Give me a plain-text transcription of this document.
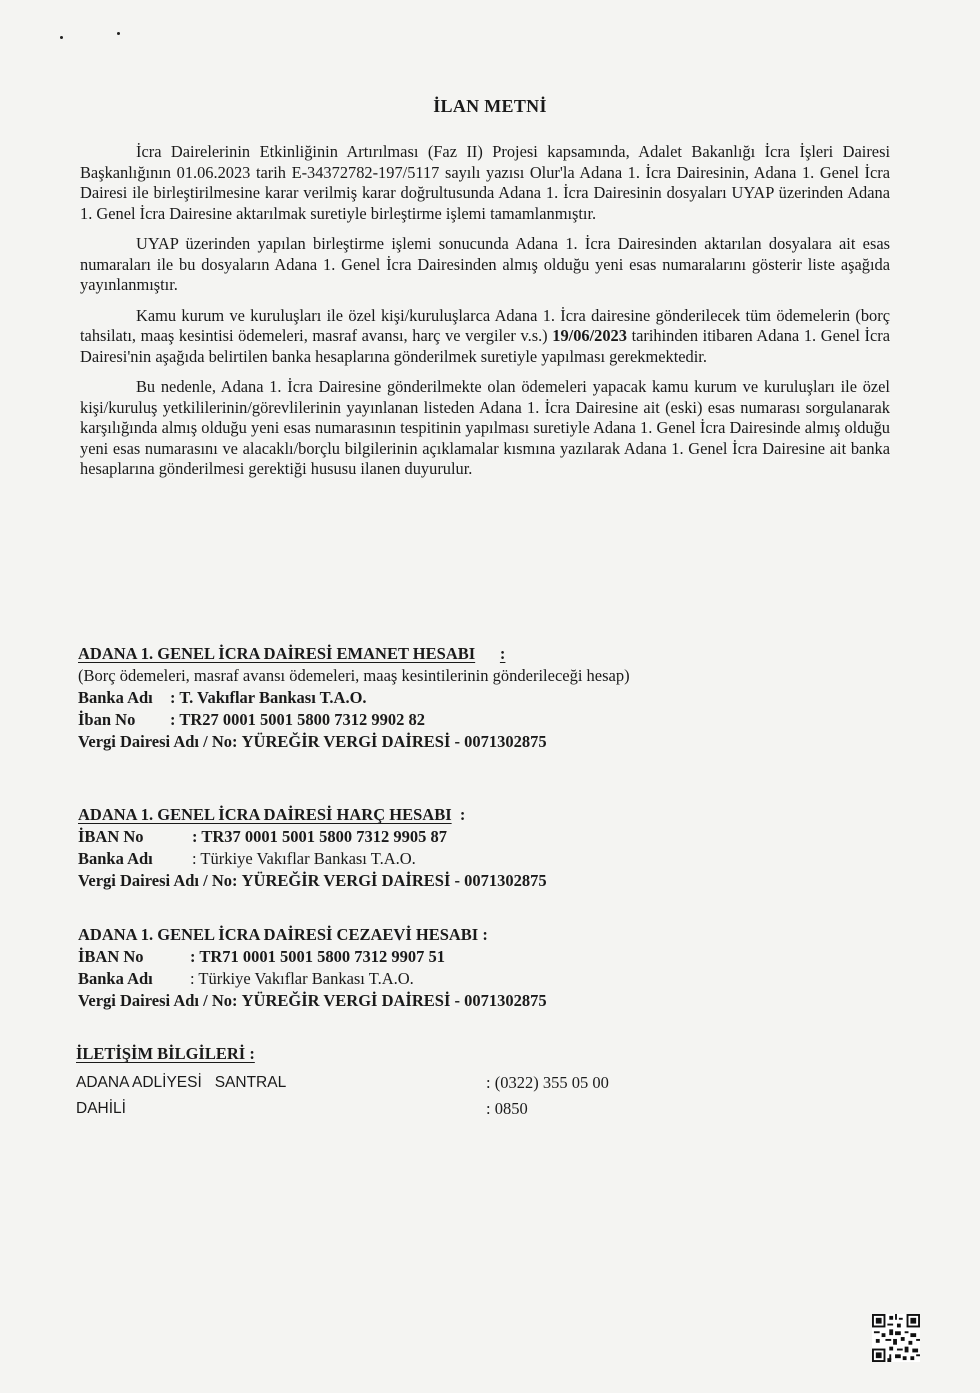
İLAN METNİ

İcra Dairelerinin Etkinliğinin Artırılması (Faz II) Projesi kapsamında, Adalet Bakanlığı İcra İşleri Dairesi Başkanlığının 01.06.2023 tarih E-34372782-197/5117 sayılı yazısı Olur'la Adana 1. İcra Dairesinin, Adana 1. Genel İcra Dairesi ile birleştirilmesine karar verilmiş karar doğrultusunda Adana 1. İcra Dairesinin dosyaları UYAP üzerinden Adana 1. Genel İcra Dairesine aktarılmak suretiyle birleştirme işlemi tamamlanmıştır.

UYAP üzerinden yapılan birleştirme işlemi sonucunda Adana 1. İcra Dairesinden aktarılan dosyalara ait esas numaraları ile bu dosyaların Adana 1. Genel İcra Dairesinden almış olduğu yeni esas numaralarını gösterir liste aşağıda yayınlanmıştır.

Kamu kurum ve kuruluşları ile özel kişi/kuruluşlarca Adana 1. İcra dairesine gönderilecek tüm ödemelerin (borç tahsilatı, maaş kesintisi ödemeleri, masraf avansı, harç ve vergiler v.s.) 19/06/2023 tarihinden itibaren Adana 1. Genel İcra Dairesi'nin aşağıda belirtilen banka hesaplarına gönderilmek suretiyle yapılması gerekmektedir.

Bu nedenle, Adana 1. İcra Dairesine gönderilmekte olan ödemeleri yapacak kamu kurum ve kuruluşları ile özel kişi/kuruluş yetkililerinin/görevlilerinin yayınlanan listeden Adana 1. İcra Dairesine ait (eski) esas numarası sorgulanarak karşılığında almış olduğu yeni esas numarasının tespitinin yapılması suretiyle Adana 1. Genel İcra Dairesinde almış olduğu yeni esas numarasını ve alacaklı/borçlu bilgilerinin açıklamalar kısmına yazılarak Adana 1. Genel İcra Dairesine ait banka hesaplarına gönderilmesi gerektiği hususu ilanen duyurulur.

ADANA 1. GENEL İCRA DAİRESİ EMANET HESABI :
(Borç ödemeleri, masraf avansı ödemeleri, maaş kesintilerinin gönderileceği hesap)
Banka Adı	: T. Vakıflar Bankası T.A.O.
İban No	: TR27 0001 5001 5800 7312 9902 82
Vergi Dairesi Adı / No:
YÜREĞİR VERGİ DAİRESİ - 0071302875
ADANA 1. GENEL İCRA DAİRESİ HARÇ HESABI :
İBAN No	: TR37 0001 5001 5800 7312 9905 87
Banka Adı	: Türkiye Vakıflar Bankası T.A.O.
Vergi Dairesi Adı / No:
YÜREĞİR VERGİ DAİRESİ - 0071302875
ADANA 1. GENEL İCRA DAİRESİ CEZAEVİ HESABI :
İBAN No	: TR71 0001 5001 5800 7312 9907 51
Banka Adı	: Türkiye Vakıflar Bankası T.A.O.
Vergi Dairesi Adı / No:
YÜREĞİR VERGİ DAİRESİ - 0071302875
İLETİŞİM BİLGİLERİ :
ADANA ADLİYESİ   SANTRAL	: (0322) 355 05 00
DAHİLİ	: 0850
